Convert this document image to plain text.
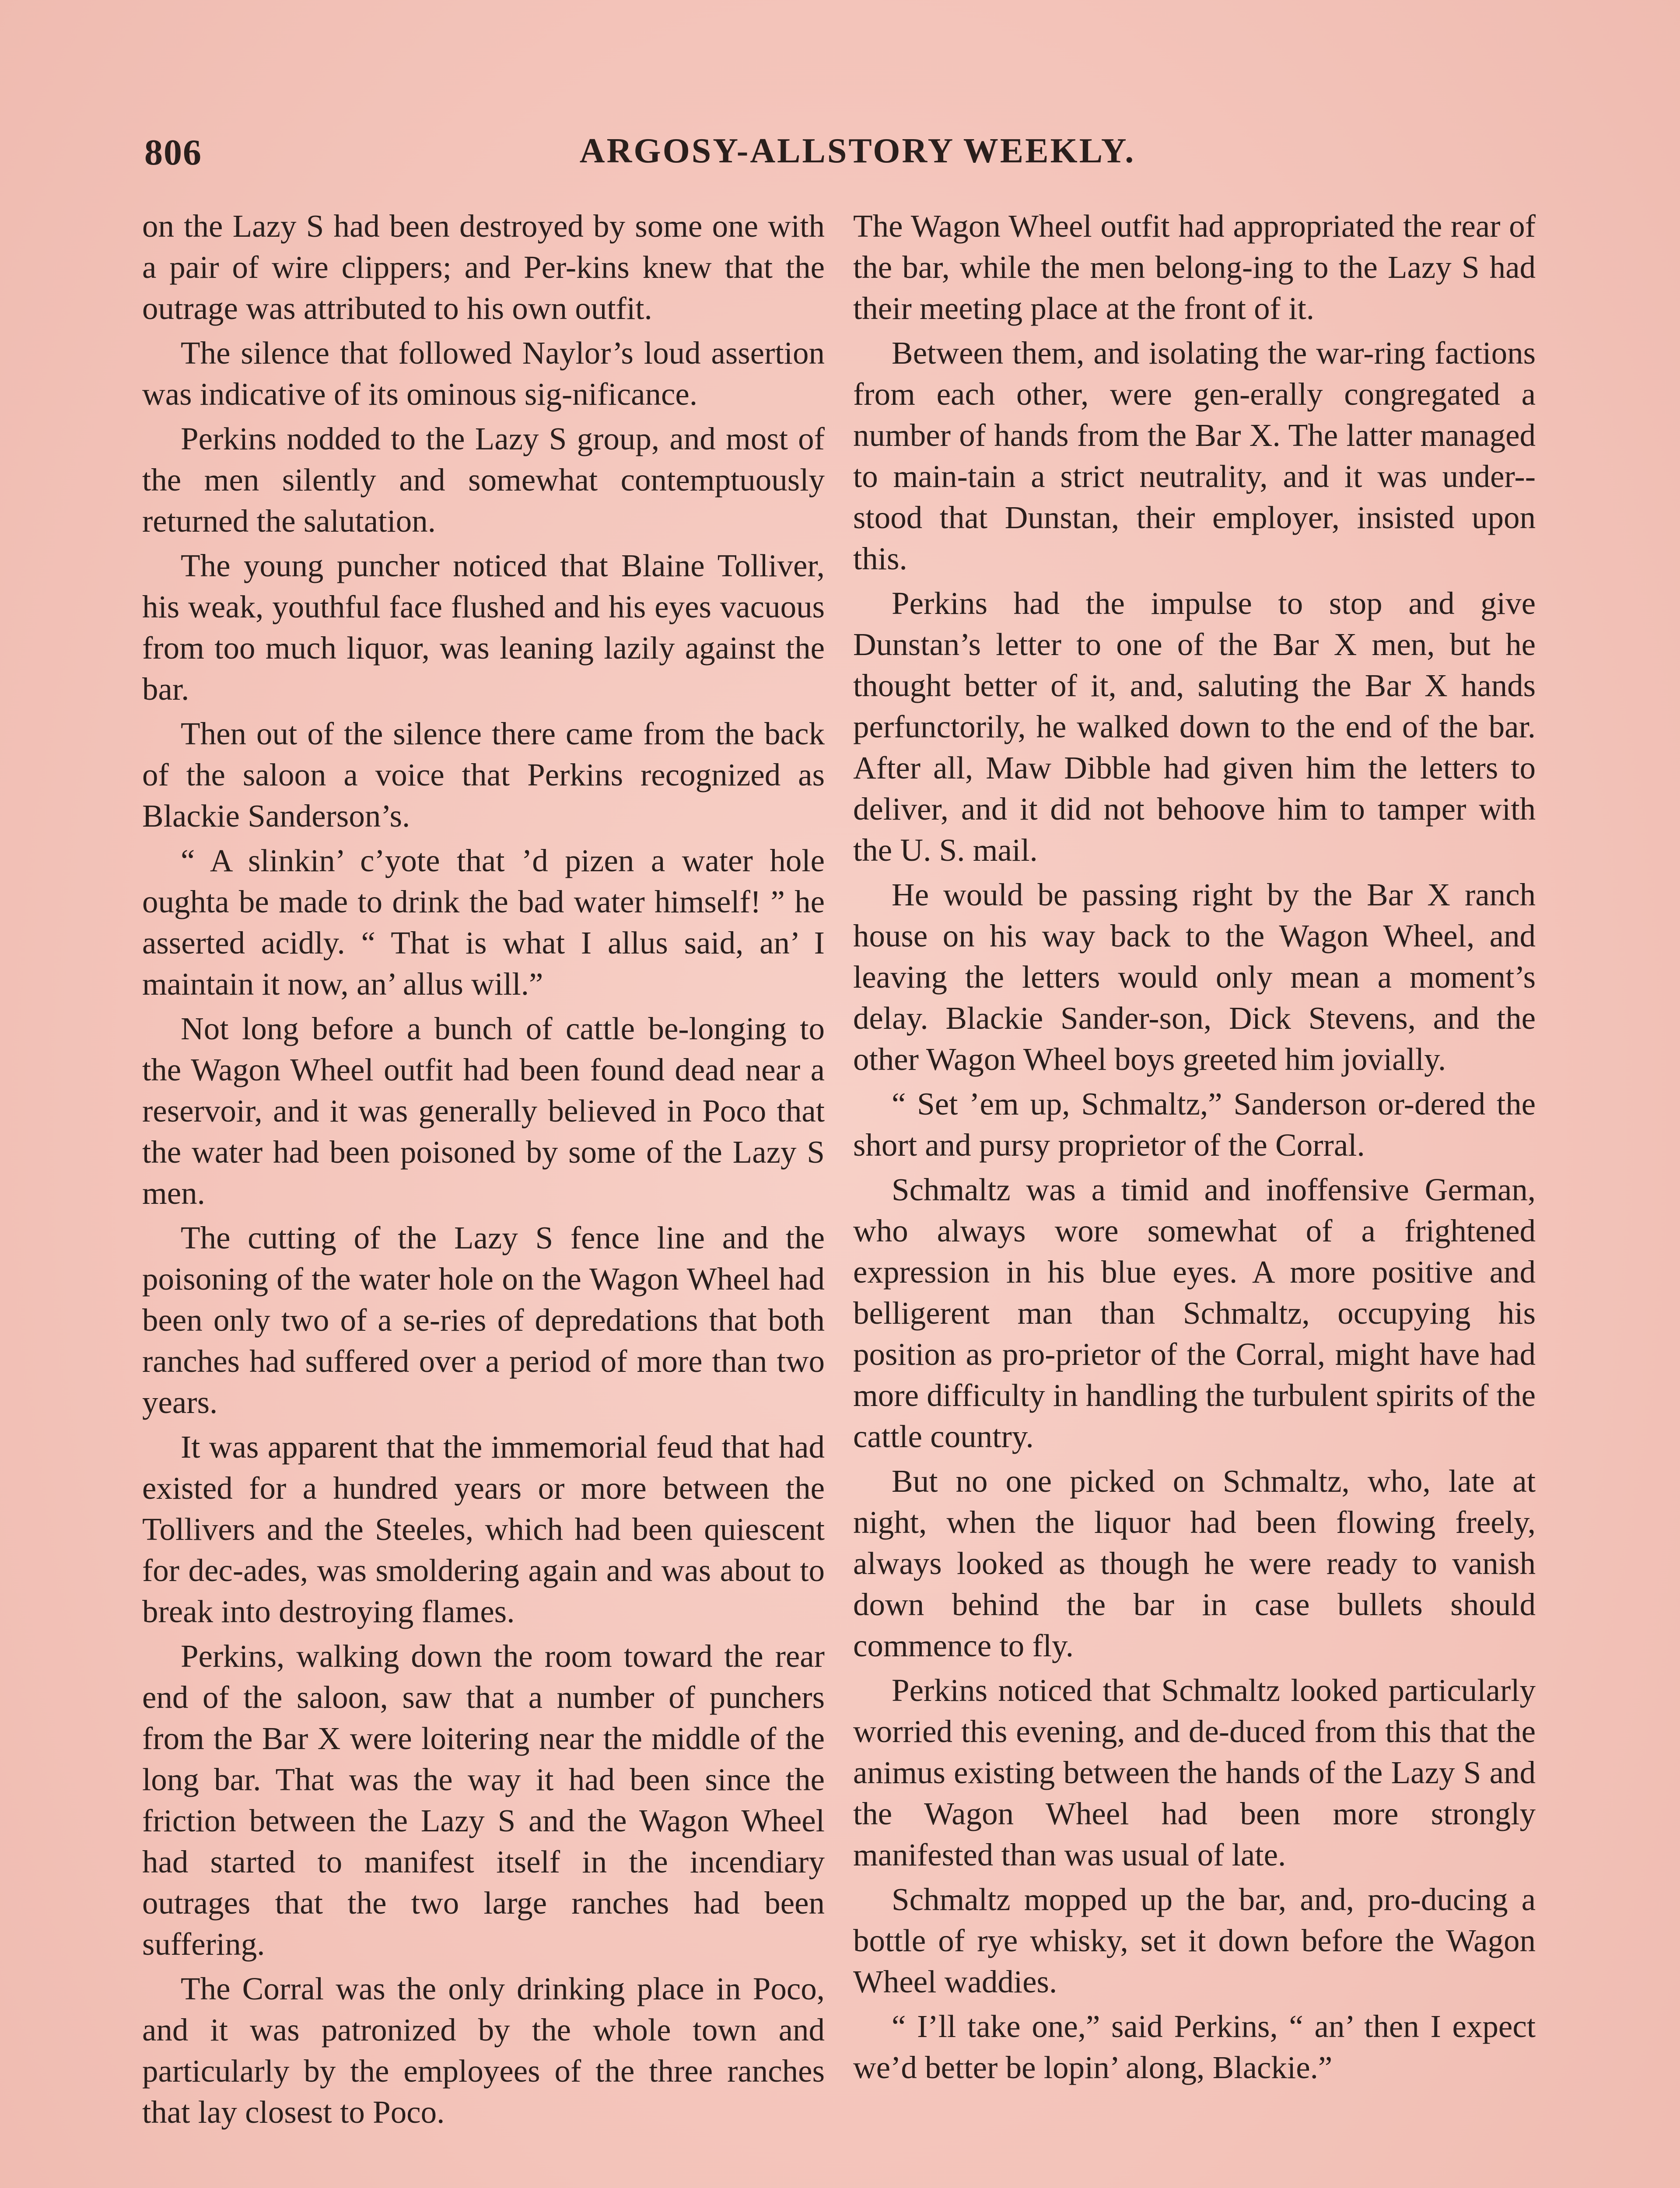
806	ARGOSY-ALLSTORY WEEKLY.

on the Lazy S had been destroyed by some one with a pair of wire clippers; and Per-kins knew that the outrage was attributed to his own outfit.

The silence that followed Naylor’s loud assertion was indicative of its ominous sig-nificance.

Perkins nodded to the Lazy S group, and most of the men silently and somewhat contemptuously returned the salutation.

The young puncher noticed that Blaine Tolliver, his weak, youthful face flushed and his eyes vacuous from too much liquor, was leaning lazily against the bar.

Then out of the silence there came from the back of the saloon a voice that Perkins recognized as Blackie Sanderson’s.

“ A slinkin’ c’yote that ’d pizen a water hole oughta be made to drink the bad water himself! ” he asserted acidly. “ That is what I allus said, an’ I maintain it now, an’ allus will.”

Not long before a bunch of cattle be-longing to the Wagon Wheel outfit had been found dead near a reservoir, and it was generally believed in Poco that the water had been poisoned by some of the Lazy S men.

The cutting of the Lazy S fence line and the poisoning of the water hole on the Wagon Wheel had been only two of a se-ries of depredations that both ranches had suffered over a period of more than two years.

It was apparent that the immemorial feud that had existed for a hundred years or more between the Tollivers and the Steeles, which had been quiescent for dec-ades, was smoldering again and was about to break into destroying flames.

Perkins, walking down the room toward the rear end of the saloon, saw that a number of punchers from the Bar X were loitering near the middle of the long bar. That was the way it had been since the friction between the Lazy S and the Wagon Wheel had started to manifest itself in the incendiary outrages that the two large ranches had been suffering.

The Corral was the only drinking place in Poco, and it was patronized by the whole town and particularly by the employees of the three ranches that lay closest to Poco.

The Wagon Wheel outfit had appropriated the rear of the bar, while the men belong-ing to the Lazy S had their meeting place at the front of it.

Between them, and isolating the war-ring factions from each other, were gen-erally congregated a number of hands from the Bar X. The latter managed to main-tain a strict neutrality, and it was under-stood that Dunstan, their employer, insisted upon this.

Perkins had the impulse to stop and give Dunstan’s letter to one of the Bar X men, but he thought better of it, and, saluting the Bar X hands perfunctorily, he walked down to the end of the bar. After all, Maw Dibble had given him the letters to deliver, and it did not behoove him to tamper with the U. S. mail.

He would be passing right by the Bar X ranch house on his way back to the Wagon Wheel, and leaving the letters would only mean a moment’s delay. Blackie Sander-son, Dick Stevens, and the other Wagon Wheel boys greeted him jovially.

“ Set ’em up, Schmaltz,” Sanderson or-dered the short and pursy proprietor of the Corral.

Schmaltz was a timid and inoffensive German, who always wore somewhat of a frightened expression in his blue eyes. A more positive and belligerent man than Schmaltz, occupying his position as pro-prietor of the Corral, might have had more difficulty in handling the turbulent spirits of the cattle country.

But no one picked on Schmaltz, who, late at night, when the liquor had been flowing freely, always looked as though he were ready to vanish down behind the bar in case bullets should commence to fly.

Perkins noticed that Schmaltz looked particularly worried this evening, and de-duced from this that the animus existing between the hands of the Lazy S and the Wagon Wheel had been more strongly manifested than was usual of late.

Schmaltz mopped up the bar, and, pro-ducing a bottle of rye whisky, set it down before the Wagon Wheel waddies.

“ I’ll take one,” said Perkins, “ an’ then I expect we’d better be lopin’ along, Blackie.”
